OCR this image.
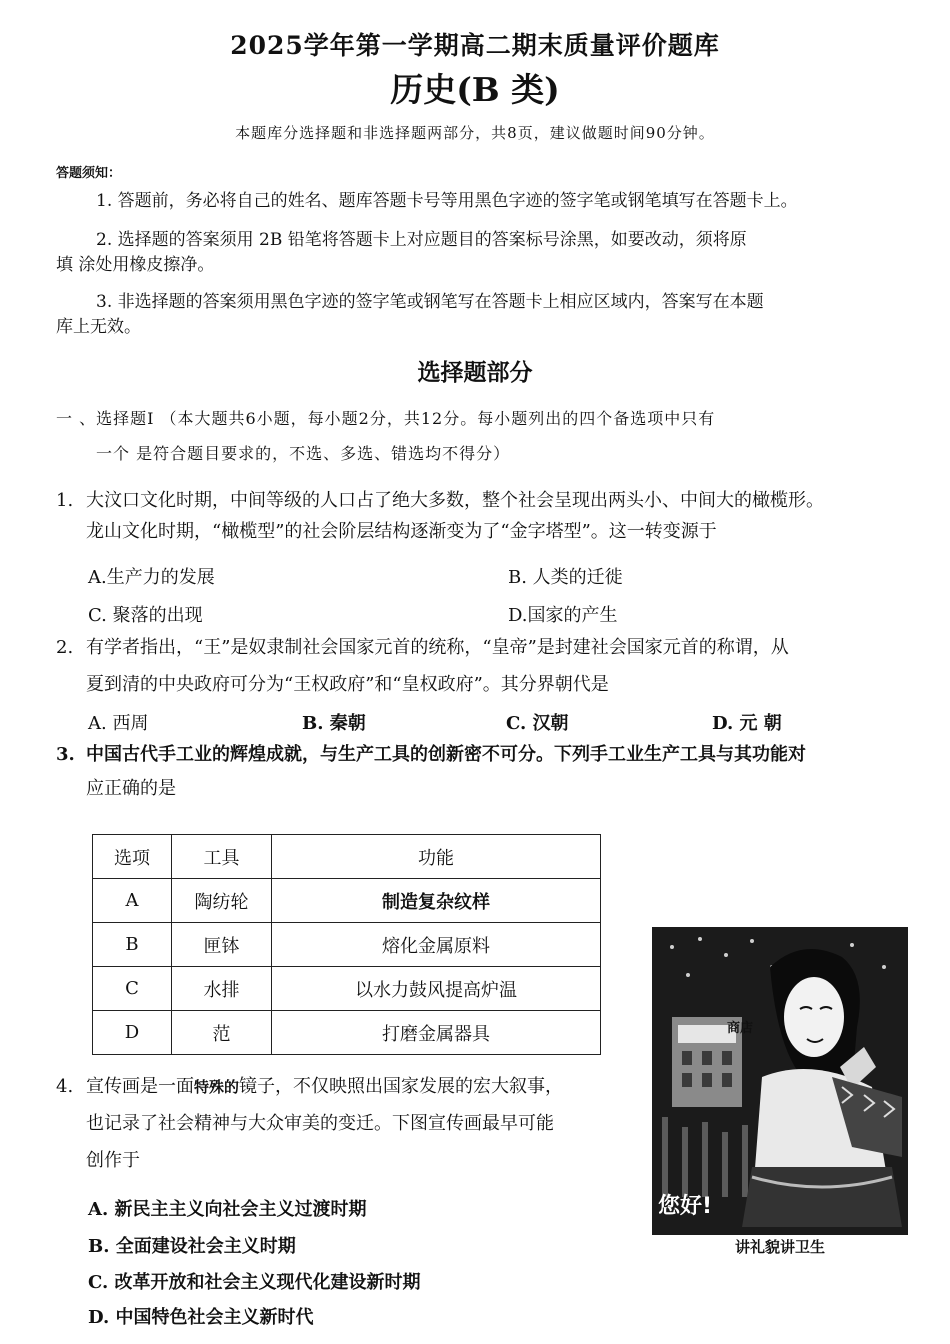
2025学年第一学期高二期末质量评价题库
历史(B 类)
本题库分选择题和非选择题两部分，共8页，建议做题时间90分钟。
答题须知：
1. 答题前，务必将自己的姓名、题库答题卡号等用黑色字迹的签字笔或钢笔填写在答题卡上。
2. 选择题的答案须用 2B 铅笔将答题卡上对应题目的答案标号涂黑，如要改动，须将原
填 涂处用橡皮擦净。
3. 非选择题的答案须用黑色字迹的签字笔或钢笔写在答题卡上相应区域内，答案写在本题
库上无效。
选择题部分
一 、选择题Ⅰ （本大题共6小题，每小题2分，共12分。每小题列出的四个备选项中只有
一个 是符合题目要求的，不选、多选、错选均不得分）
1. 大汶口文化时期，中间等级的人口占了绝大多数，整个社会呈现出两头小、中间大的橄榄形。
龙山文化时期，“橄榄型”的社会阶层结构逐渐变为了“金字塔型”。这一转变源于
A.生产力的发展	B. 人类的迁徙
C. 聚落的出现	D.国家的产生
2. 有学者指出，“王”是奴隶制社会国家元首的统称，“皇帝”是封建社会国家元首的称谓，从
夏到清的中央政府可分为“王权政府”和“皇权政府”。其分界朝代是
A. 西周	B. 秦朝	C. 汉朝	D. 元 朝
3. 中国古代手工业的辉煌成就，与生产工具的创新密不可分。下列手工业生产工具与其功能对
应正确的是
选项	工具	功能
A	陶纺轮	制造复杂纹样
B	匣钵	熔化金属原料
C	水排	以水力鼓风提高炉温
D	范	打磨金属器具
4. 宣传画是一面特殊的镜子，不仅映照出国家发展的宏大叙事，
也记录了社会精神与大众审美的变迁。下图宣传画最早可能
创作于
A. 新民主主义向社会主义过渡时期
B. 全面建设社会主义时期
C. 改革开放和社会主义现代化建设新时期
D. 中国特色社会主义新时代
商店
您好!
讲礼貌讲卫生
